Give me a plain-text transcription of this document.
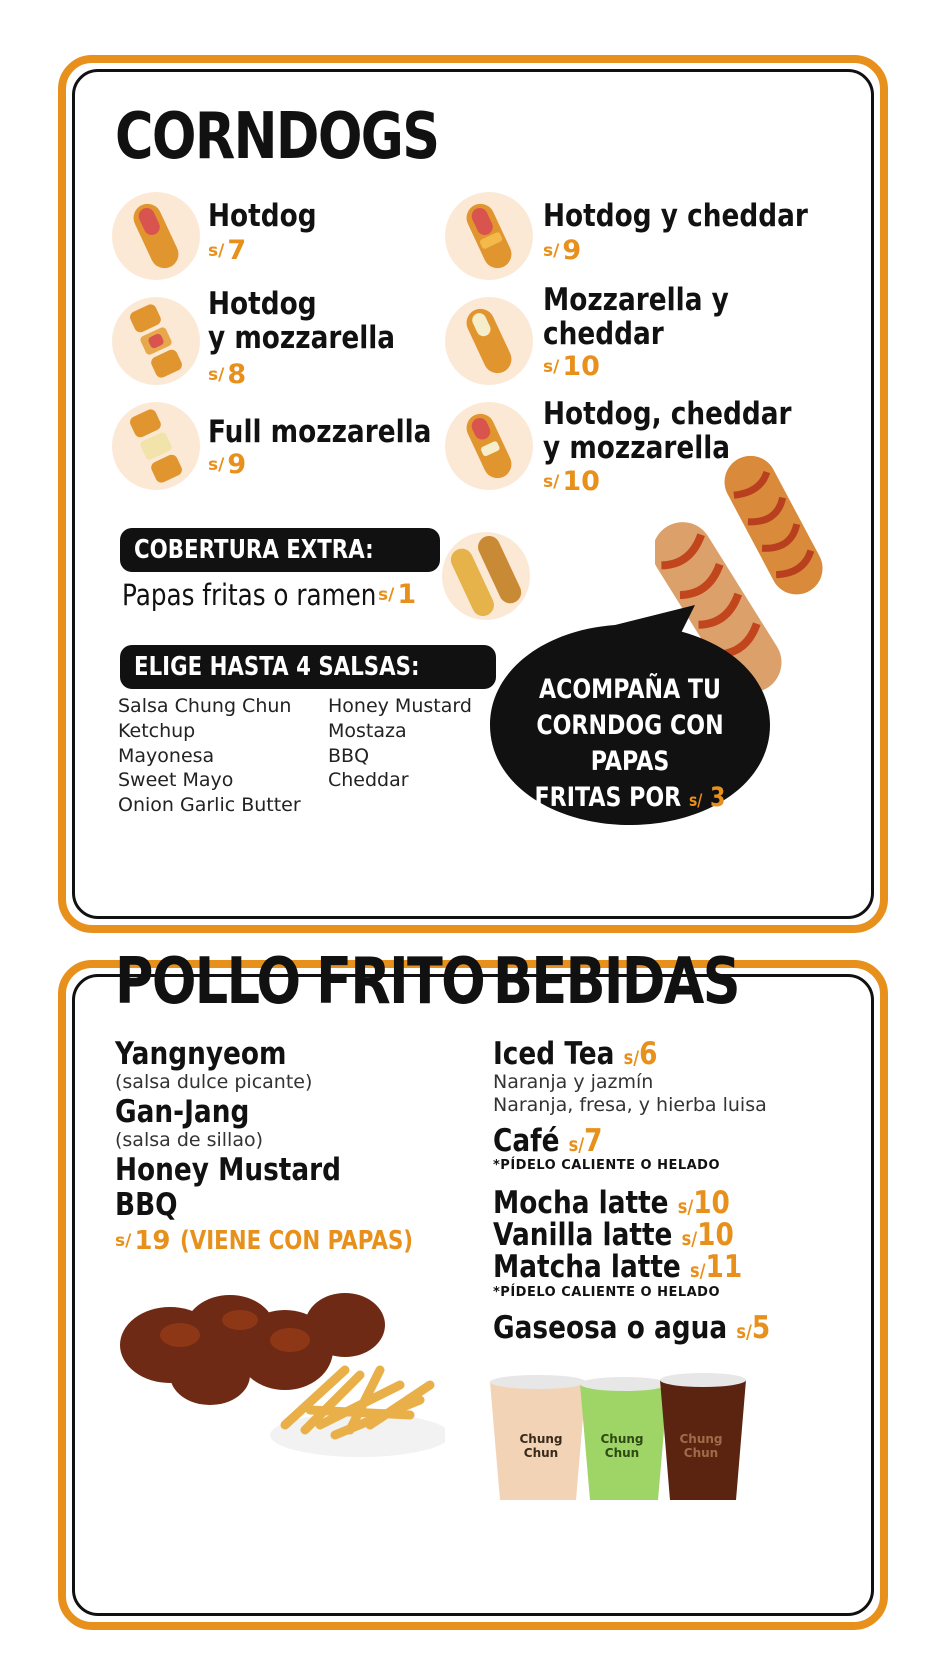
CORNDOGS
Hotdog
s/ 7
Hotdog
y mozzarella
s/ 8
Full mozzarella
s/ 9
Hotdog y cheddar
s/ 9
Mozzarella y
cheddar
s/ 10
Hotdog, cheddar
y mozzarella
s/ 10
COBERTURA EXTRA:
Papas fritas o ramen s/ 1
ELIGE HASTA 4 SALSAS:
Salsa Chung Chun
Ketchup
Mayonesa
Sweet Mayo
Onion Garlic Butter
Honey Mustard
Mostaza
BBQ
Cheddar
ACOMPAÑA TU
CORNDOG CON PAPAS
FRITAS POR s/ 3
POLLO FRITO BEBIDAS
Yangnyeom
(salsa dulce picante)
Gan-Jang
(salsa de sillao)
Honey Mustard
BBQ
s/ 19 (VIENE CON PAPAS)
Iced Tea s/6
Naranja y jazmín
Naranja, fresa, y hierba luisa
Café s/7
*PÍDELO CALIENTE O HELADO
Mocha latte s/10
Vanilla latte s/10
Matcha latte s/11
*PÍDELO CALIENTE O HELADO
Gaseosa o agua s/5
Chung
Chun
Chung
Chun
Chung
Chun
